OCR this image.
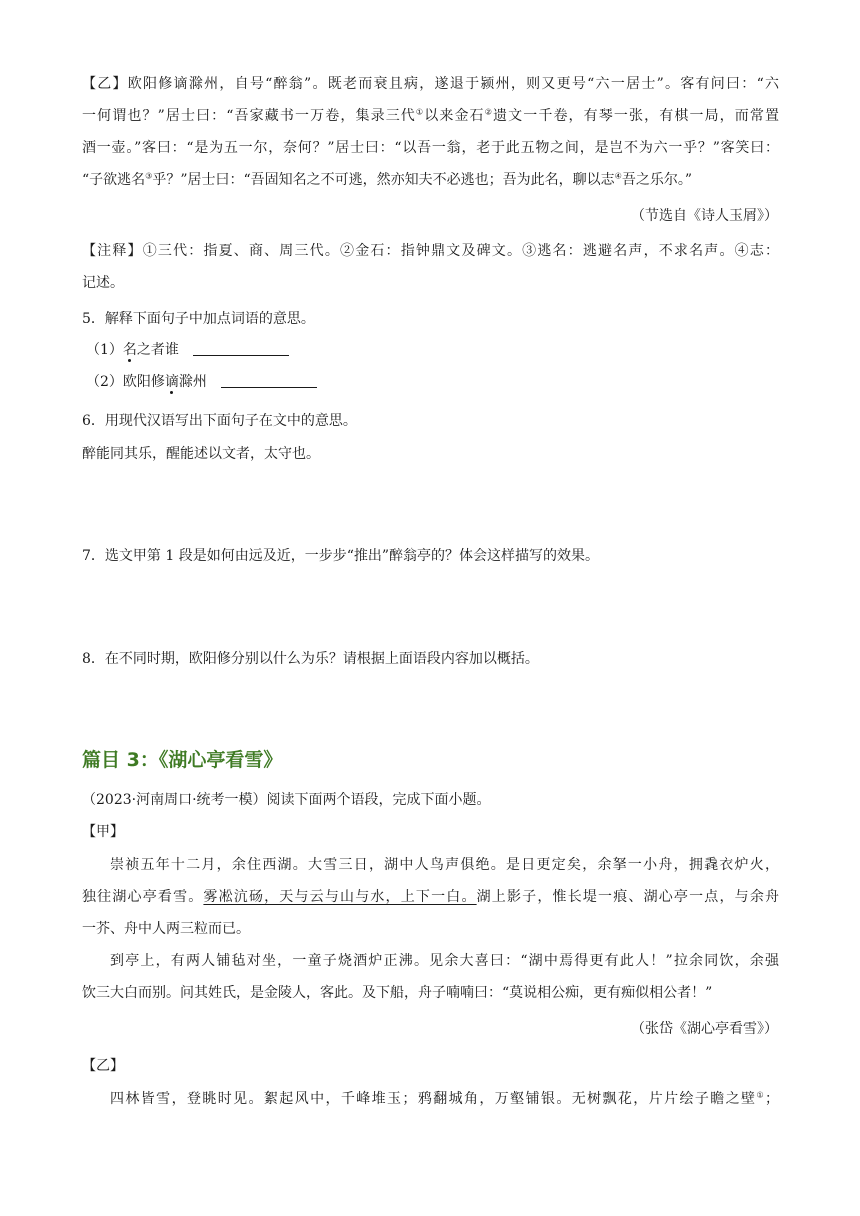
【乙】欧阳修谪滁州，自号“醉翁”。既老而衰且病，遂退于颍州，则又更号“六一居士”。客有问曰：“六
一何谓也？”居士曰：“吾家藏书一万卷，集录三代①以来金石②遗文一千卷，有琴一张，有棋一局，而常置
酒一壶。”客曰：“是为五一尔，奈何？”居士曰：“以吾一翁，老于此五物之间，是岂不为六一乎？”客笑曰：
“子欲逃名③乎？”居士曰：“吾固知名之不可逃，然亦知夫不必逃也；吾为此名，聊以志④吾之乐尔。”
（节选自《诗人玉屑》）
【注释】①三代：指夏、商、周三代。②金石：指钟鼎文及碑文。③逃名：逃避名声，不求名声。④志：
记述。
5．解释下面句子中加点词语的意思。
（1）名之者谁
（2）欧阳修谪滁州
6．用现代汉语写出下面句子在文中的意思。
醉能同其乐，醒能述以文者，太守也。
7．选文甲第 1 段是如何由远及近，一步步“推出”醉翁亭的？体会这样描写的效果。
8．在不同时期，欧阳修分别以什么为乐？请根据上面语段内容加以概括。
篇目 3：《湖心亭看雪》
（2023·河南周口·统考一模）阅读下面两个语段，完成下面小题。
【甲】
崇祯五年十二月，余住西湖。大雪三日，湖中人鸟声俱绝。是日更定矣，余拏一小舟，拥毳衣炉火，
独往湖心亭看雪。雾凇沆砀，天与云与山与水，上下一白。湖上影子，惟长堤一痕、湖心亭一点，与余舟
一芥、舟中人两三粒而已。
到亭上，有两人铺毡对坐，一童子烧酒炉正沸。见余大喜曰：“湖中焉得更有此人！”拉余同饮，余强
饮三大白而别。问其姓氏，是金陵人，客此。及下船，舟子喃喃曰：“莫说相公痴，更有痴似相公者！”
（张岱《湖心亭看雪》）
【乙】
四林皆雪，登眺时见。絮起风中，千峰堆玉；鸦翻城角，万壑铺银。无树飘花，片片绘子瞻之壁①；
